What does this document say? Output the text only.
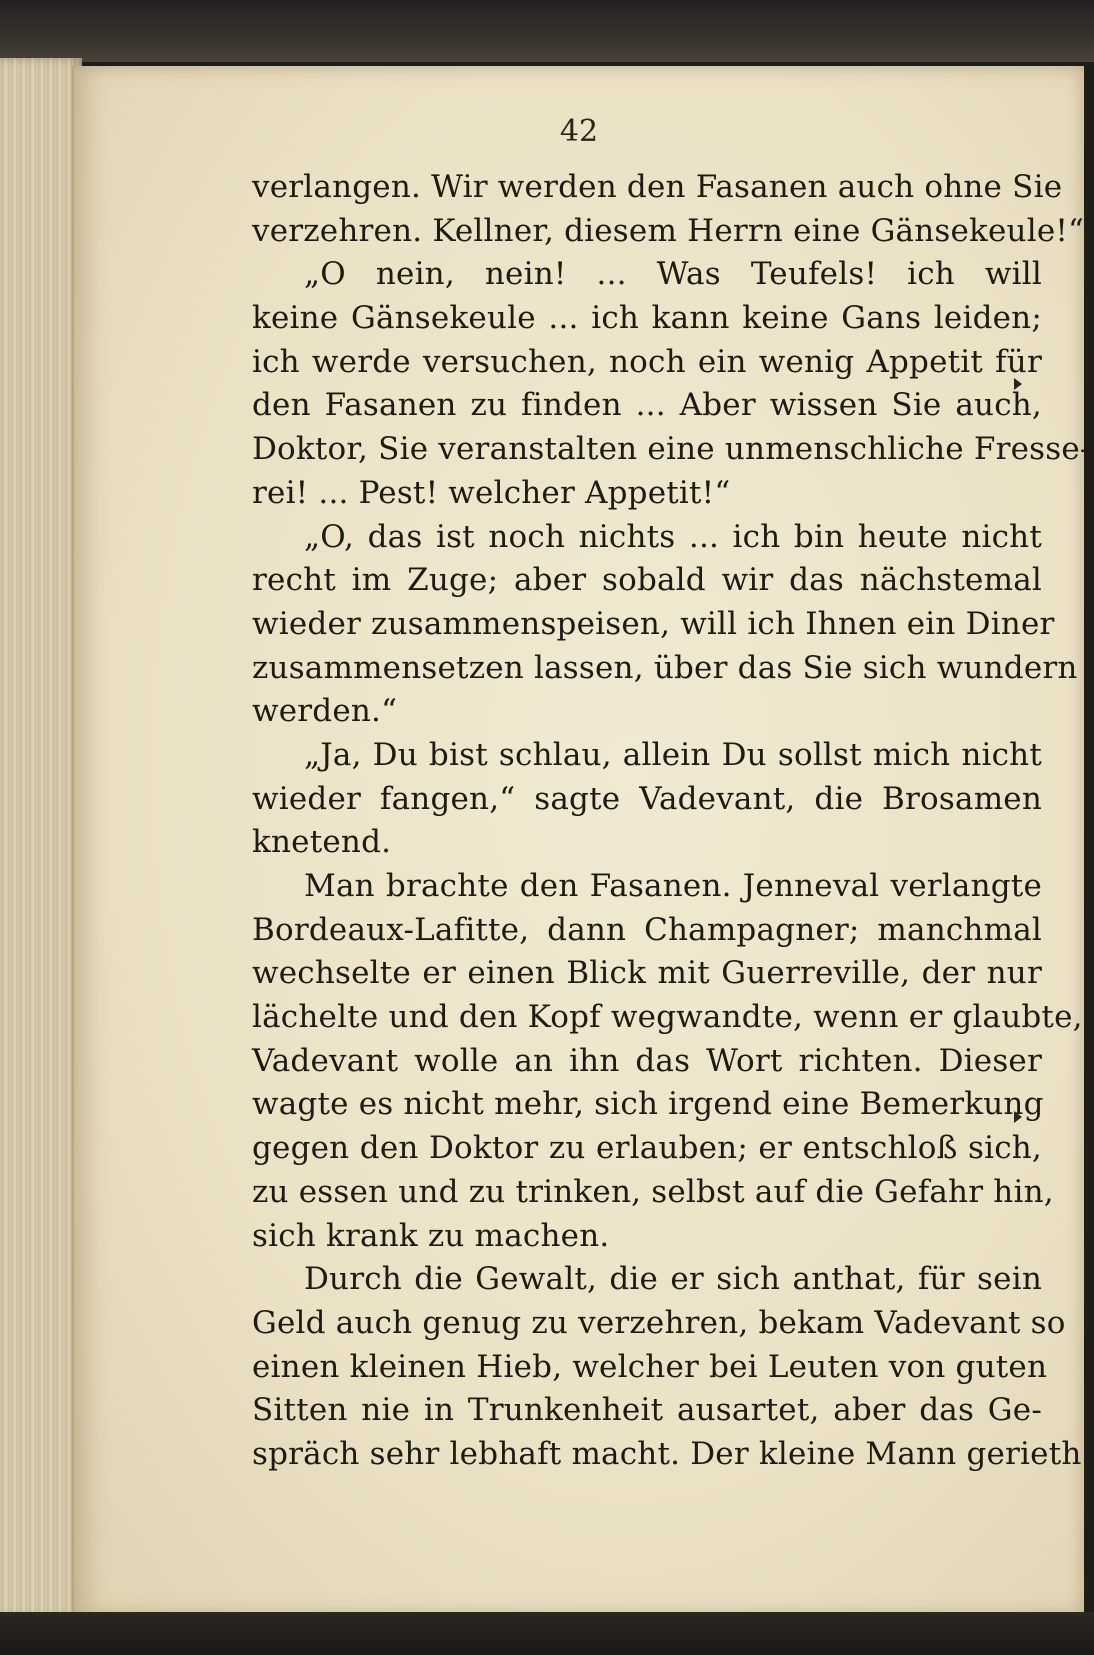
42
verlangen. Wir werden den Fasanen auch ohne Sie
verzehren. Kellner, diesem Herrn eine Gänsekeule!“
„O nein, nein! ... Was Teufels! ich will
keine Gänsekeule ... ich kann keine Gans leiden;
ich werde versuchen, noch ein wenig Appetit für
den Fasanen zu finden ... Aber wissen Sie auch,
Doktor, Sie veranstalten eine unmenschliche Fresse-
rei! ... Pest! welcher Appetit!“
„O, das ist noch nichts ... ich bin heute nicht
recht im Zuge; aber sobald wir das nächstemal
wieder zusammenspeisen, will ich Ihnen ein Diner
zusammensetzen lassen, über das Sie sich wundern
werden.“
„Ja, Du bist schlau, allein Du sollst mich nicht
wieder fangen,“ sagte Vadevant, die Brosamen
knetend.
Man brachte den Fasanen. Jenneval verlangte
Bordeaux-Lafitte, dann Champagner; manchmal
wechselte er einen Blick mit Guerreville, der nur
lächelte und den Kopf wegwandte, wenn er glaubte,
Vadevant wolle an ihn das Wort richten. Dieser
wagte es nicht mehr, sich irgend eine Bemerkung
gegen den Doktor zu erlauben; er entschloß sich,
zu essen und zu trinken, selbst auf die Gefahr hin,
sich krank zu machen.
Durch die Gewalt, die er sich anthat, für sein
Geld auch genug zu verzehren, bekam Vadevant so
einen kleinen Hieb, welcher bei Leuten von guten
Sitten nie in Trunkenheit ausartet, aber das Ge-
spräch sehr lebhaft macht. Der kleine Mann gerieth
